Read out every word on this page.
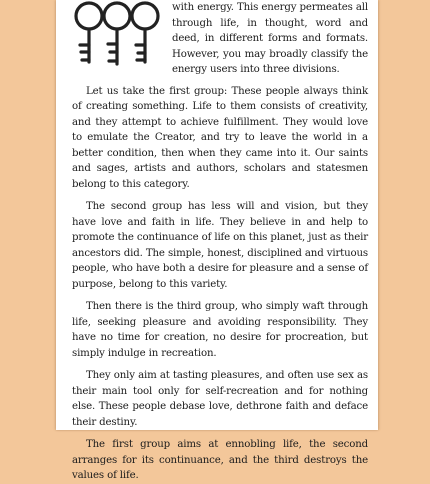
with energy. This energy permeates all through life, in thought, word and deed, in different forms and formats. However, you may broadly classify the energy users into three divisions.

Let us take the first group: These people always think of creating something. Life to them consists of creativity, and they attempt to achieve fulfillment. They would love to emulate the Creator, and try to leave the world in a better condition, then when they came into it. Our saints and sages, artists and authors, scholars and statesmen belong to this category.

The second group has less will and vision, but they have love and faith in life. They believe in and help to promote the continuance of life on this planet, just as their ancestors did. The simple, honest, disciplined and virtuous people, who have both a desire for pleasure and a sense of purpose, belong to this variety.

Then there is the third group, who simply waft through life, seeking pleasure and avoiding responsibility. They have no time for creation, no desire for procreation, but simply indulge in recreation.

They only aim at tasting pleasures, and often use sex as their main tool only for self-recreation and for nothing else. These people debase love, dethrone faith and deface their destiny.

The first group aims at ennobling life, the second arranges for its continuance, and the third destroys the values of life.
